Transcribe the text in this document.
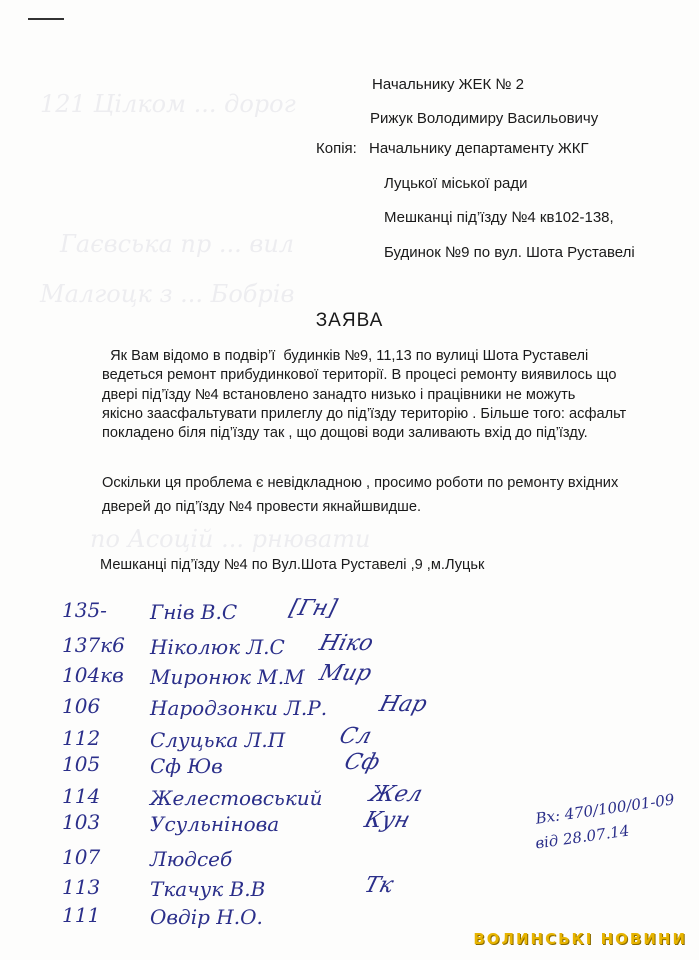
121 Цілком ... дорог
Гаєвська пр ... вил
Малгоцк з ... Бобрів
по Асоцій ... рнювати
Начальнику ЖЕК № 2
Рижук Володимиру Васильовичу
Копія: Начальнику департаменту ЖКГ
Луцької міської ради
Мешканці під’їзду №4 кв102-138,
Будинок №9 по вул. Шота Руставелі
ЗАЯВА
Як Вам відомо в подвір’ї  будинків №9, 11,13 по вулиці Шота Руставелі
ведеться ремонт прибудинкової території. В процесі ремонту виявилось що
двері під’їзду №4 встановлено занадто низько і працівники не можуть
якісно заасфальтувати прилеглу до під’їзду територію . Більше того: асфальт
покладено біля під’їзду так , що дощові води заливають вхід до під’їзду.
Оскільки ця проблема є невідкладною , просимо роботи по ремонту вхідних
дверей до під’їзду №4 провести якнайшвидше.
Мешканці під’їзду №4 по Вул.Шота Руставелі ,9 ,м.Луцьк
135- Гнів В.С [Гн]
137к6 Ніколюк Л.С Ніко
104кв Миронюк М.М Мир
106 Народзонки Л.Р. Нар
112 Слуцька Л.П Сл
105 Сф Юв	Сф
114 Желестовський Жел
103 Усульнінова	Кун
107 Людсеб
113 Ткачук В.В	Тк
111 Овдір Н.О.
Вх: 470/100/01-09
від 28.07.14
ВОЛИНСЬКІ НОВИНИ
